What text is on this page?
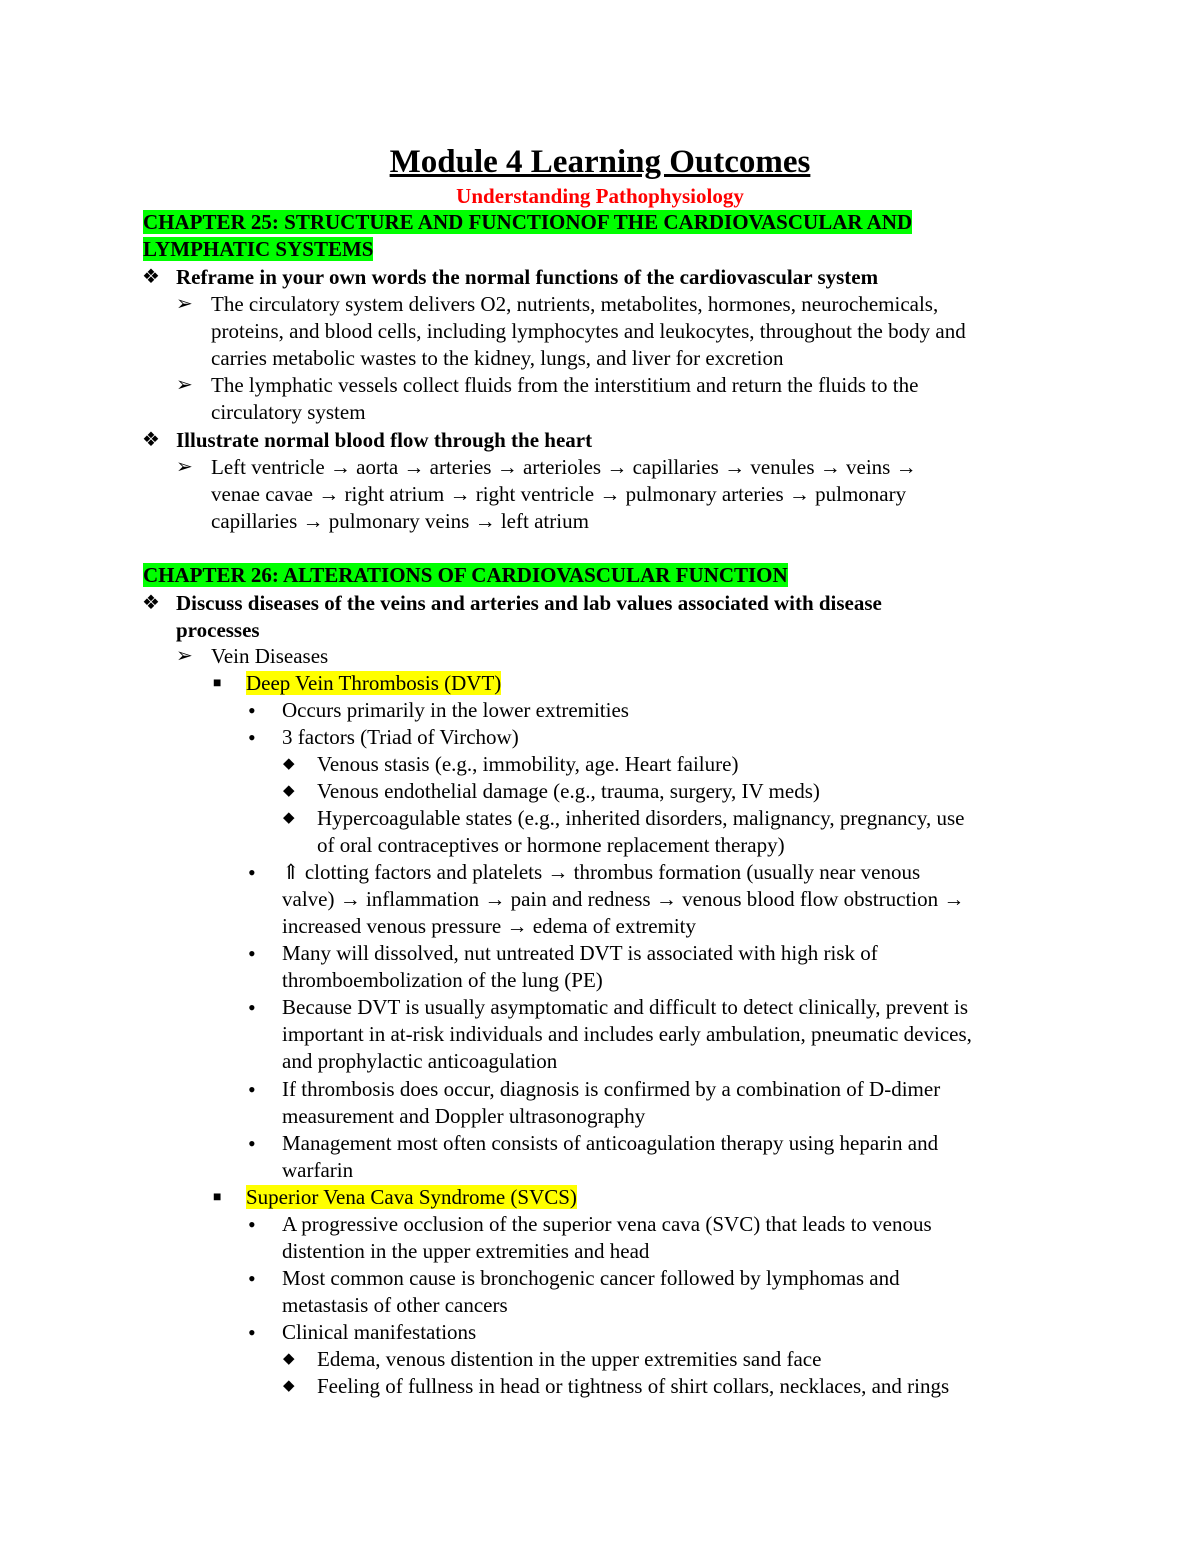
Module 4 Learning Outcomes
Understanding Pathophysiology
CHAPTER 25: STRUCTURE AND FUNCTIONOF THE CARDIOVASCULAR AND
LYMPHATIC SYSTEMS
❖ Reframe in your own words the normal functions of the cardiovascular system
➢ The circulatory system delivers O2, nutrients, metabolites, hormones, neurochemicals,
proteins, and blood cells, including lymphocytes and leukocytes, throughout the body and
carries metabolic wastes to the kidney, lungs, and liver for excretion
➢ The lymphatic vessels collect fluids from the interstitium and return the fluids to the
circulatory system
❖ Illustrate normal blood flow through the heart
➢ Left ventricle → aorta → arteries → arterioles → capillaries → venules → veins →
venae cavae → right atrium → right ventricle → pulmonary arteries → pulmonary
capillaries → pulmonary veins → left atrium
CHAPTER 26: ALTERATIONS OF CARDIOVASCULAR FUNCTION
❖ Discuss diseases of the veins and arteries and lab values associated with disease
processes
➢ Vein Diseases
■ Deep Vein Thrombosis (DVT)
• Occurs primarily in the lower extremities
• 3 factors (Triad of Virchow)
◆ Venous stasis (e.g., immobility, age. Heart failure)
◆ Venous endothelial damage (e.g., trauma, surgery, IV meds)
◆ Hypercoagulable states (e.g., inherited disorders, malignancy, pregnancy, use
of oral contraceptives or hormone replacement therapy)
• ⇑ clotting factors and platelets → thrombus formation (usually near venous
valve) → inflammation → pain and redness → venous blood flow obstruction →
increased venous pressure → edema of extremity
• Many will dissolved, nut untreated DVT is associated with high risk of
thromboembolization of the lung (PE)
• Because DVT is usually asymptomatic and difficult to detect clinically, prevent is
important in at-risk individuals and includes early ambulation, pneumatic devices,
and prophylactic anticoagulation
• If thrombosis does occur, diagnosis is confirmed by a combination of D-dimer
measurement and Doppler ultrasonography
• Management most often consists of anticoagulation therapy using heparin and
warfarin
■ Superior Vena Cava Syndrome (SVCS)
• A progressive occlusion of the superior vena cava (SVC) that leads to venous
distention in the upper extremities and head
• Most common cause is bronchogenic cancer followed by lymphomas and
metastasis of other cancers
• Clinical manifestations
◆ Edema, venous distention in the upper extremities sand face
◆ Feeling of fullness in head or tightness of shirt collars, necklaces, and rings
